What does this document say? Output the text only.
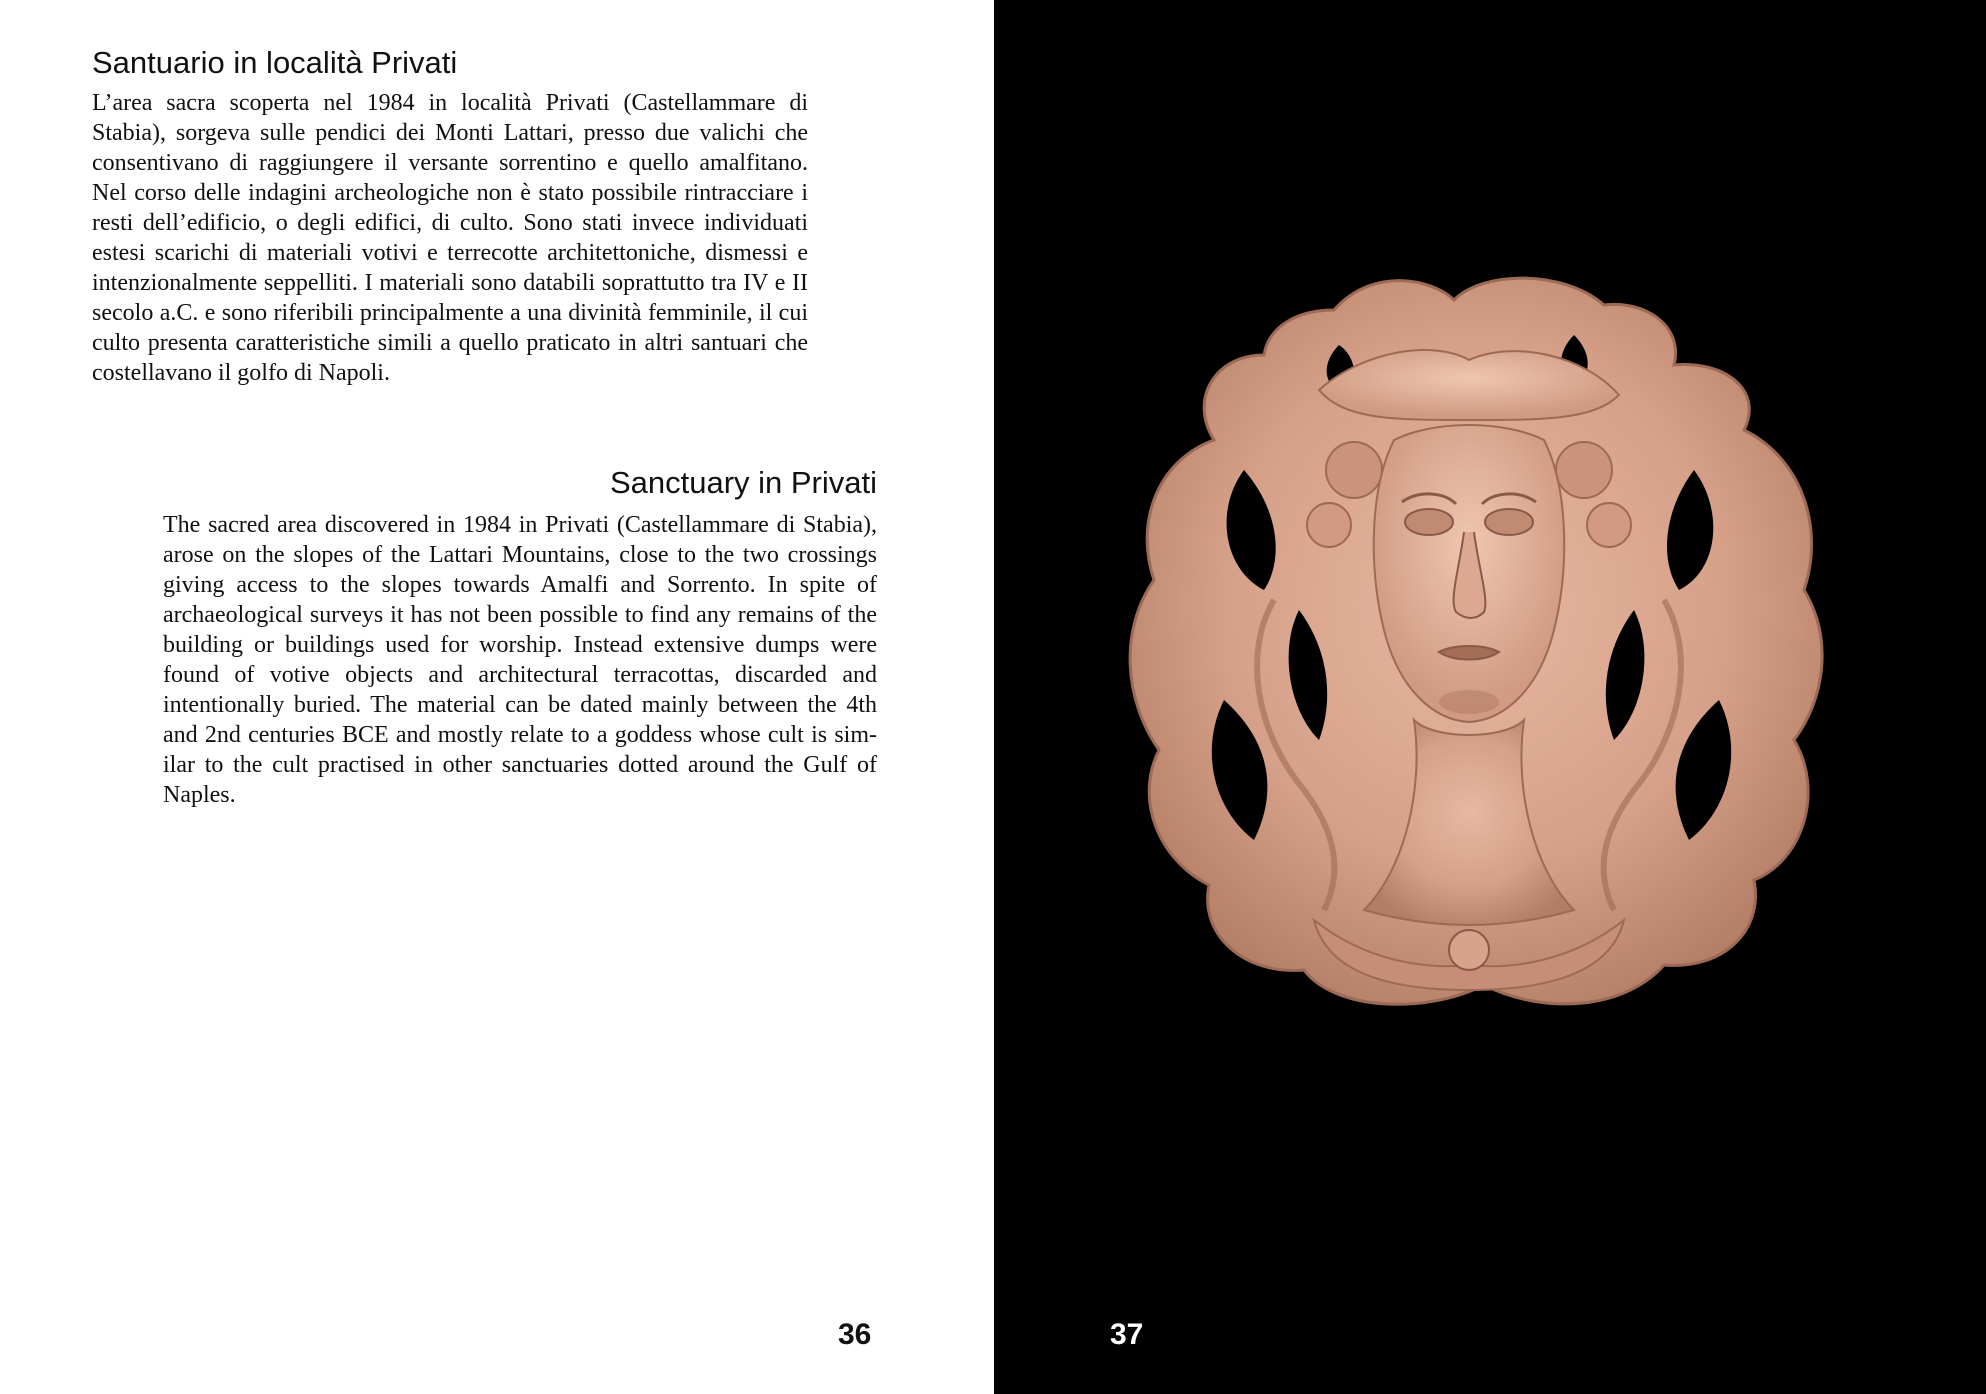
Santuario in località Privati

L’area sacra scoperta nel 1984 in località Privati (Castellammare di Stabia), sorgeva sulle pendici dei Monti Lattari, presso due valichi che consentivano di raggiungere il versante sorrentino e quello amalfitano. Nel corso delle indagini archeologiche non è stato possibile rintracciare i resti dell’edificio, o degli edifici, di culto. Sono stati invece individuati estesi scarichi di materiali votivi e terrecotte architettoniche, dismessi e intenzionalmente seppelliti. I materiali sono databili soprattutto tra IV e II secolo a.C. e sono riferibili principalmente a una divinità femminile, il cui culto presenta caratteristiche simili a quello praticato in altri santuari che costellavano il golfo di Napoli.

Sanctuary in Privati

The sacred area discovered in 1984 in Privati (Castellammare di Stabia), arose on the slopes of the Lattari Mountains, close to the two crossings giving access to the slopes towards Amalfi and Sorrento. In spite of archaeological surveys it has not been possible to find any remains of the building or buildings used for worship. Instead extensive dumps were found of votive objects and architectural terracottas, discarded and intentionally buried. The material can be dated mainly between the 4th and 2nd centuries BCE and mostly relate to a goddess whose cult is similar to the cult practised in other sanctuaries dotted around the Gulf of Naples.

36	37
